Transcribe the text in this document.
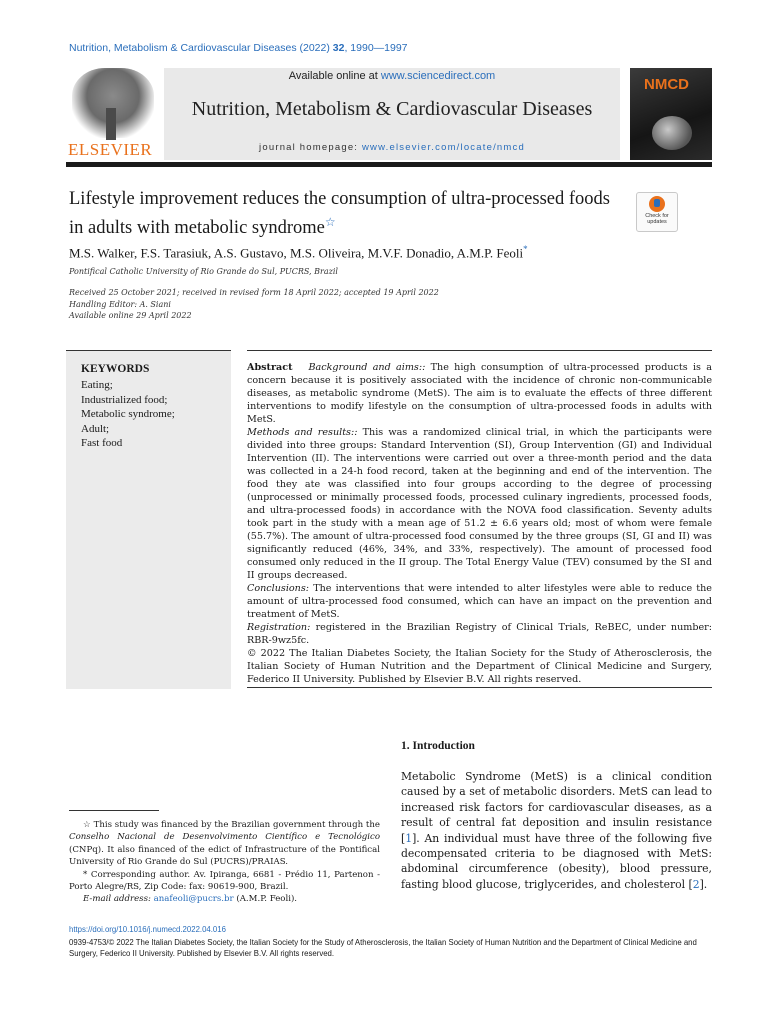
Nutrition, Metabolism & Cardiovascular Diseases (2022) 32, 1990—1997
ELSEVIER
Available online at www.sciencedirect.com
Nutrition, Metabolism & Cardiovascular Diseases
journal homepage: www.elsevier.com/locate/nmcd
NMCD
Lifestyle improvement reduces the consumption of ultra-processed foods in adults with metabolic syndrome☆	Check for updates
M.S. Walker, F.S. Tarasiuk, A.S. Gustavo, M.S. Oliveira, M.V.F. Donadio, A.M.P. Feoli*
Pontifical Catholic University of Rio Grande do Sul, PUCRS, Brazil
Received 25 October 2021; received in revised form 18 April 2022; accepted 19 April 2022
Handling Editor: A. Siani
Available online 29 April 2022
KEYWORDS
Eating;
Industrialized food;
Metabolic syndrome;
Adult;
Fast food

Abstract Background and aims:: The high consumption of ultra-processed products is a concern because it is positively associated with the incidence of chronic non-communicable diseases, as metabolic syndrome (MetS). The aim is to evaluate the effects of three different interventions to modify lifestyle on the consumption of ultra-processed foods in adults with MetS.

Methods and results:: This was a randomized clinical trial, in which the participants were divided into three groups: Standard Intervention (SI), Group Intervention (GI) and Individual Intervention (II). The interventions were carried out over a three-month period and the data was collected in a 24-h food record, taken at the beginning and end of the intervention. The food they ate was classified into four groups according to the degree of processing (unprocessed or minimally processed foods, processed culinary ingredients, processed foods, and ultra-processed foods) in accordance with the NOVA food classification. Seventy adults took part in the study with a mean age of 51.2 ± 6.6 years old; most of whom were female (55.7%). The amount of ultra-processed food consumed by the three groups (SI, GI and II) was significantly reduced (46%, 34%, and 33%, respectively). The amount of processed food consumed only reduced in the II group. The Total Energy Value (TEV) consumed by the SI and II groups decreased.

Conclusions: The interventions that were intended to alter lifestyles were able to reduce the amount of ultra-processed food consumed, which can have an impact on the prevention and treatment of MetS.

Registration: registered in the Brazilian Registry of Clinical Trials, ReBEC, under number: RBR-9wz5fc.

© 2022 The Italian Diabetes Society, the Italian Society for the Study of Atherosclerosis, the Italian Society of Human Nutrition and the Department of Clinical Medicine and Surgery, Federico II University. Published by Elsevier B.V. All rights reserved.

1. Introduction
Metabolic Syndrome (MetS) is a clinical condition caused by a set of metabolic disorders. MetS can lead to increased risk factors for cardiovascular diseases, as a result of central fat deposition and insulin resistance [1]. An individual must have three of the following five decompensated criteria to be diagnosed with MetS: abdominal circumference (obesity), blood pressure, fasting blood glucose, triglycerides, and cholesterol [2].

☆ This study was financed by the Brazilian government through the Conselho Nacional de Desenvolvimento Científico e Tecnológico (CNPq). It also financed of the edict of Infrastructure of the Pontifical University of Rio Grande do Sul (PUCRS)/PRAIAS.

* Corresponding author. Av. Ipiranga, 6681 - Prédio 11, Partenon - Porto Alegre/RS, Zip Code: fax: 90619-900, Brazil.

E-mail address: anafeoli@pucrs.br (A.M.P. Feoli).

https://doi.org/10.1016/j.numecd.2022.04.016
0939-4753/© 2022 The Italian Diabetes Society, the Italian Society for the Study of Atherosclerosis, the Italian Society of Human Nutrition and the Department of Clinical Medicine and Surgery, Federico II University. Published by Elsevier B.V. All rights reserved.
